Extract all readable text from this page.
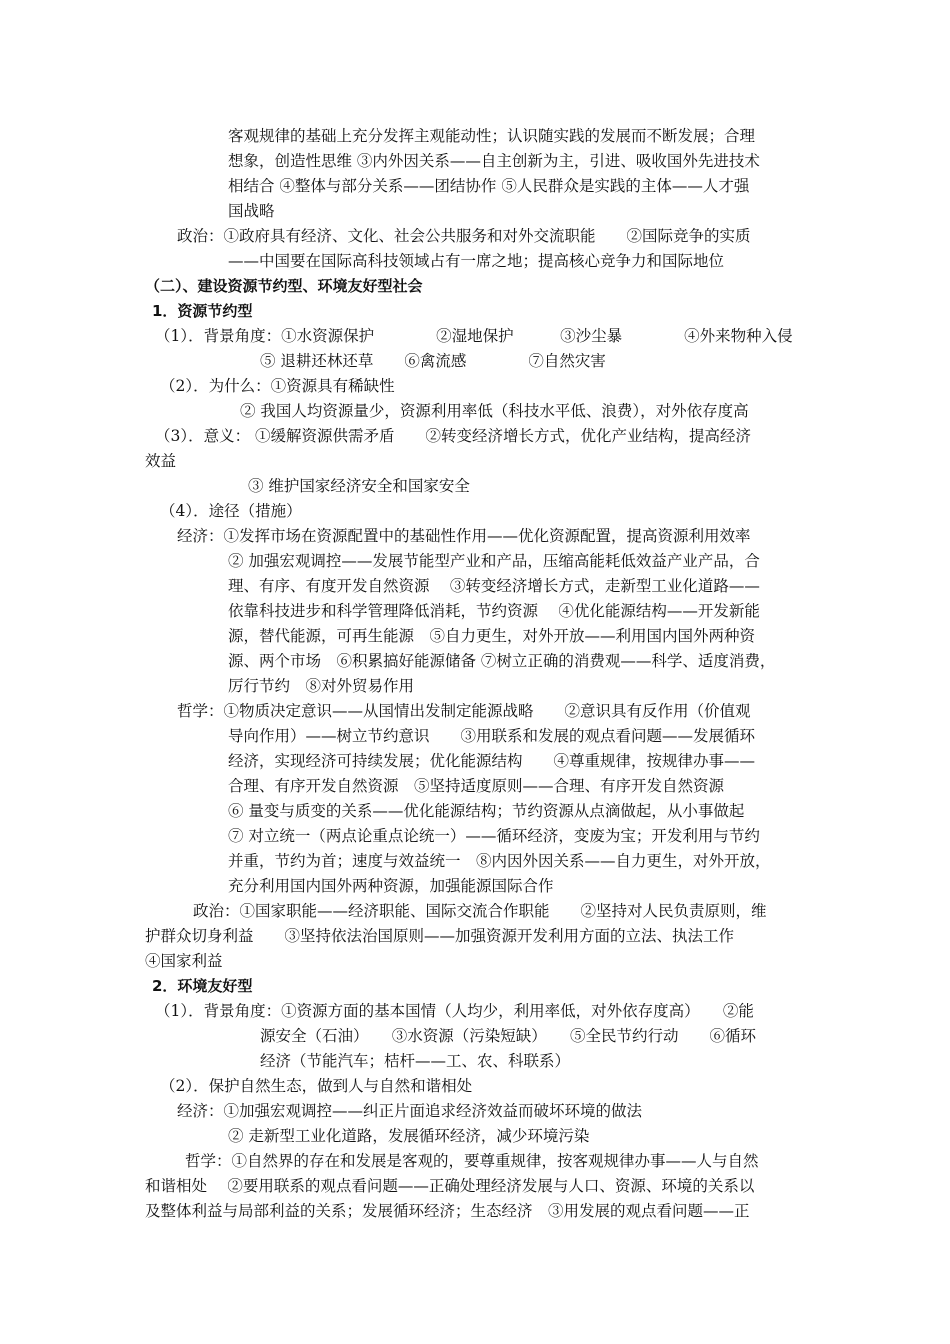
客观规律的基础上充分发挥主观能动性；认识随实践的发展而不断发展；合理
想象，创造性思维 ③内外因关系——自主创新为主，引进、吸收国外先进技术
相结合 ④整体与部分关系——团结协作 ⑤人民群众是实践的主体——人才强
国战略
政治：①政府具有经济、文化、社会公共服务和对外交流职能　　②国际竞争的实质
——中国要在国际高科技领域占有一席之地；提高核心竞争力和国际地位
（二）、建设资源节约型、环境友好型社会
1．资源节约型
（1）．背景角度：①水资源保护　　　　②湿地保护　　　③沙尘暴　　　　④外来物种入侵
⑤ 退耕还林还草　　⑥禽流感　　　　⑦自然灾害
（2）．为什么：①资源具有稀缺性
② 我国人均资源量少，资源利用率低（科技水平低、浪费），对外依存度高
（3）．意义： ①缓解资源供需矛盾　　②转变经济增长方式，优化产业结构，提高经济
效益
③ 维护国家经济安全和国家安全
（4）．途径（措施）
经济：①发挥市场在资源配置中的基础性作用——优化资源配置，提高资源利用效率
② 加强宏观调控——发展节能型产业和产品，压缩高能耗低效益产业产品，合
理、有序、有度开发自然资源　 ③转变经济增长方式，走新型工业化道路——
依靠科技进步和科学管理降低消耗，节约资源　 ④优化能源结构——开发新能
源，替代能源，可再生能源　⑤自力更生，对外开放——利用国内国外两种资
源、两个市场　⑥积累搞好能源储备 ⑦树立正确的消费观——科学、适度消费，
厉行节约　⑧对外贸易作用
哲学：①物质决定意识——从国情出发制定能源战略　　②意识具有反作用（价值观
导向作用）——树立节约意识　　③用联系和发展的观点看问题——发展循环
经济，实现经济可持续发展；优化能源结构　　④尊重规律，按规律办事——
合理、有序开发自然资源　⑤坚持适度原则——合理、有序开发自然资源
⑥ 量变与质变的关系——优化能源结构；节约资源从点滴做起，从小事做起
⑦ 对立统一（两点论重点论统一）——循环经济，变废为宝；开发利用与节约
并重，节约为首；速度与效益统一　⑧内因外因关系——自力更生，对外开放，
充分利用国内国外两种资源，加强能源国际合作
政治：①国家职能——经济职能、国际交流合作职能　　②坚持对人民负责原则，维
护群众切身利益　　③坚持依法治国原则——加强资源开发利用方面的立法、执法工作
④国家利益
2．环境友好型
（1）．背景角度：①资源方面的基本国情（人均少，利用率低，对外依存度高）　　②能
源安全（石油）　　③水资源（污染短缺）　　⑤全民节约行动　　⑥循环
经济（节能汽车；桔杆——工、农、科联系）
（2）．保护自然生态，做到人与自然和谐相处
经济：①加强宏观调控——纠正片面追求经济效益而破坏环境的做法
② 走新型工业化道路，发展循环经济，减少环境污染
哲学：①自然界的存在和发展是客观的，要尊重规律，按客观规律办事——人与自然
和谐相处　 ②要用联系的观点看问题——正确处理经济发展与人口、资源、环境的关系以
及整体利益与局部利益的关系；发展循环经济；生态经济　③用发展的观点看问题——正
